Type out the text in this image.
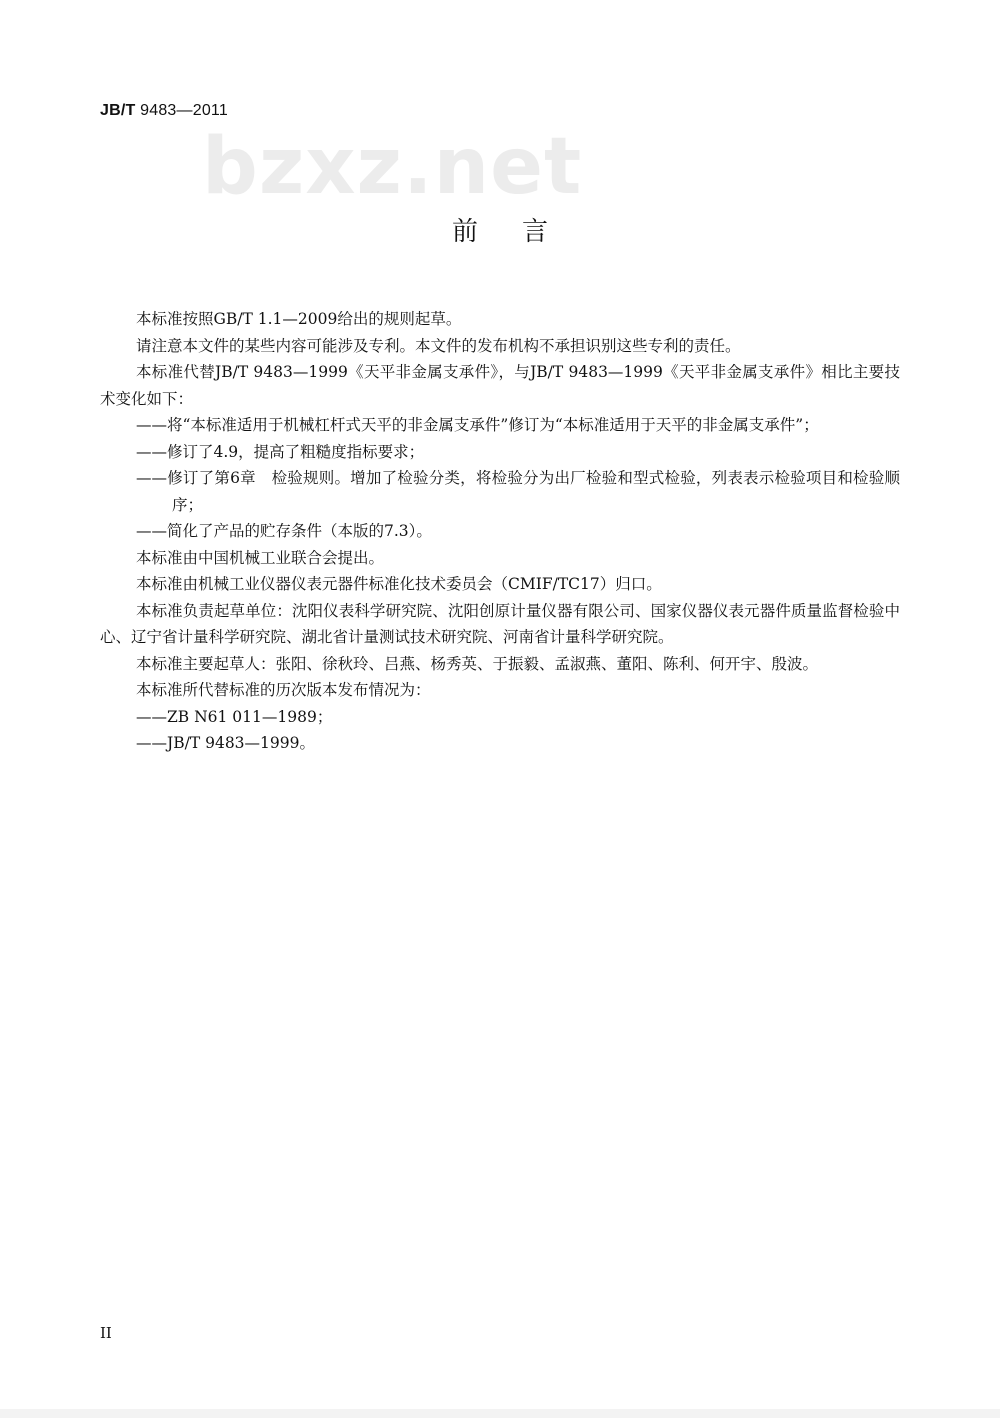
JB/T 9483—2011
bzxz.net
前言

本标准按照GB/T 1.1—2009给出的规则起草。

请注意本文件的某些内容可能涉及专利。本文件的发布机构不承担识别这些专利的责任。

本标准代替JB/T 9483—1999《天平非金属支承件》，与JB/T 9483—1999《天平非金属支承件》相比主要技术变化如下：

——将“本标准适用于机械杠杆式天平的非金属支承件”修订为“本标准适用于天平的非金属支承件”；

——修订了4.9，提高了粗糙度指标要求；

——修订了第6章　检验规则。增加了检验分类，将检验分为出厂检验和型式检验，列表表示检验项目和检验顺序；

——简化了产品的贮存条件（本版的7.3）。

本标准由中国机械工业联合会提出。

本标准由机械工业仪器仪表元器件标准化技术委员会（CMIF/TC17）归口。

本标准负责起草单位：沈阳仪表科学研究院、沈阳创原计量仪器有限公司、国家仪器仪表元器件质量监督检验中心、辽宁省计量科学研究院、湖北省计量测试技术研究院、河南省计量科学研究院。

本标准主要起草人：张阳、徐秋玲、吕燕、杨秀英、于振毅、孟淑燕、董阳、陈利、何开宇、殷波。

本标准所代替标准的历次版本发布情况为：

——ZB N61 011—1989；

——JB/T 9483—1999。

II
